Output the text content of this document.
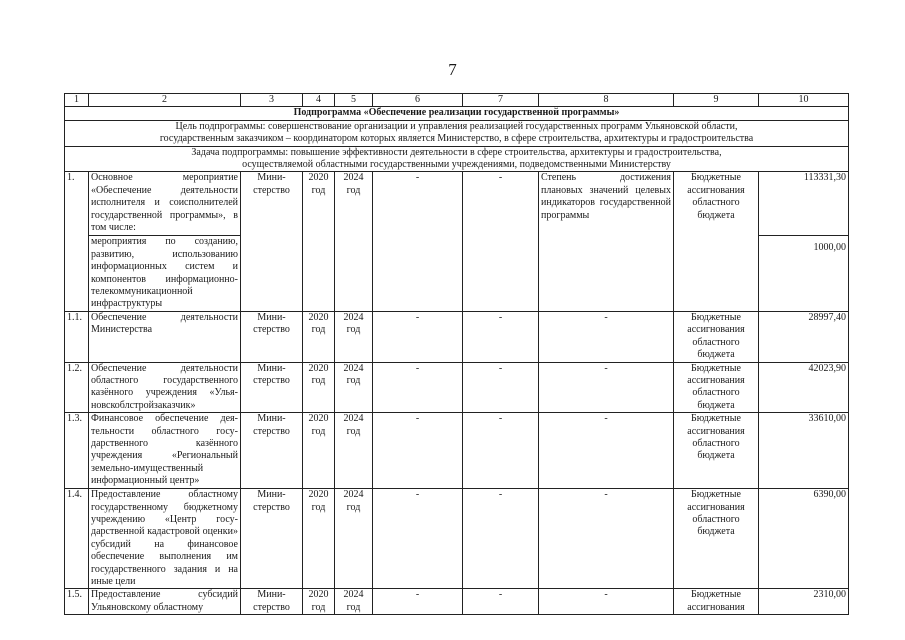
7
1	2	3	4	5	6	7	8	9	10
Подпрограмма «Обеспечение реализации государственной программы»									

Цель подпрограммы: совершенствование организации и управления реализацией государственных программ Ульяновской области,
государственным заказчиком – координатором которых является Министерство, в сфере строительства, архитектуры и градостроительства									

Задача подпрограммы: повышение эффективности деятельности в сфере строительства, архитектуры и градостроительства,
осуществляемой областными государственными учреждениями, подведомственными Министерству									

1.	Основное мероприятие «Обеспечение деятельности исполнителя и соисполнителей государственной программы», в том числе:	Министерство	2020 год	2024 год	-	-	Степень достижения плановых значений целевых индикаторов государственной программы	Бюджетные ассигнования областного бюджета	113331,30
	мероприятия по созданию, развитию, использованию информационных систем и компонентов информационно-телекоммуникационной инфраструктуры								1000,00
1.1.	Обеспечение деятельности Министерства	Министерство	2020 год	2024 год	-	-	-	Бюджетные ассигнования областного бюджета	28997,40
1.2.	Обеспечение деятельности областного государственного казённого учреждения «Ульяновскоблстройзаказчик»	Министерство	2020 год	2024 год	-	-	-	Бюджетные ассигнования областного бюджета	42023,90
1.3.	Финансовое обеспечение деятельности областного государственного казённого учреждения «Региональный земельно-имущественный информационный центр»	Министерство	2020 год	2024 год	-	-	-	Бюджетные ассигнования областного бюджета	33610,00
1.4.	Предоставление областному государственному бюджетному учреждению «Центр государственной кадастровой оценки» субсидий на финансовое обеспечение выполнения им государственного задания и на иные цели	Министерство	2020 год	2024 год	-	-	-	Бюджетные ассигнования областного бюджета	6390,00
1.5.	Предоставление субсидий Ульяновскому областному	Министерство	2020 год	2024 год	-	-	-	Бюджетные ассигнования	2310,00
